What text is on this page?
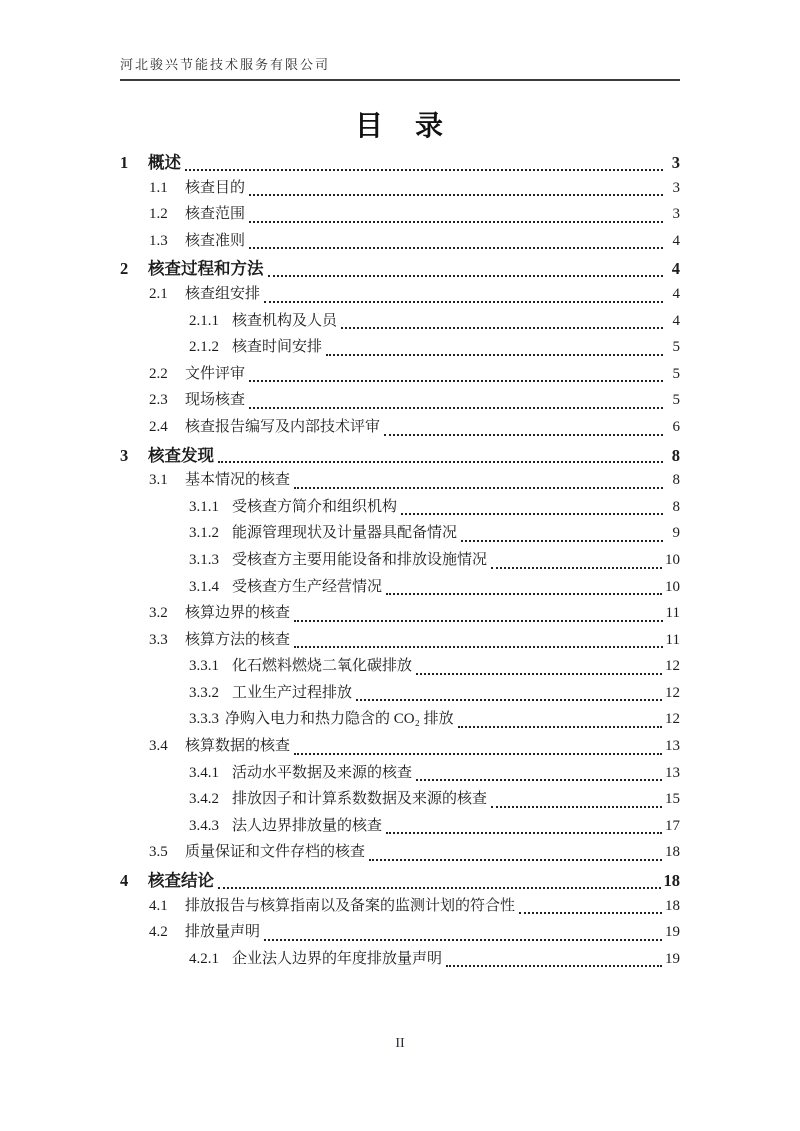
河北骏兴节能技术服务有限公司
目　录
1	概述	3
1.1	核查目的	3
1.2	核查范围	3
1.3	核查准则	4
2	核查过程和方法	4
2.1	核查组安排	4
2.1.1 核查机构及人员	4
2.1.2 核查时间安排	5
2.2	文件评审	5
2.3	现场核查	5
2.4	核查报告编写及内部技术评审	6
3	核查发现	8
3.1	基本情况的核查	8
3.1.1 受核查方简介和组织机构	8
3.1.2 能源管理现状及计量器具配备情况	9
3.1.3 受核查方主要用能设备和排放设施情况	10
3.1.4 受核查方生产经营情况	10
3.2	核算边界的核查	11
3.3	核算方法的核查	11
3.3.1 化石燃料燃烧二氧化碳排放	12
3.3.2 工业生产过程排放	12
3.3.3 净购入电力和热力隐含的 CO₂ 排放	12
3.4	核算数据的核查	13
3.4.1 活动水平数据及来源的核查	13
3.4.2 排放因子和计算系数数据及来源的核查	15
3.4.3 法人边界排放量的核查	17
3.5	质量保证和文件存档的核查	18
4	核查结论	18
4.1	排放报告与核算指南以及备案的监测计划的符合性	18
4.2	排放量声明	19
4.2.1 企业法人边界的年度排放量声明	19
II
